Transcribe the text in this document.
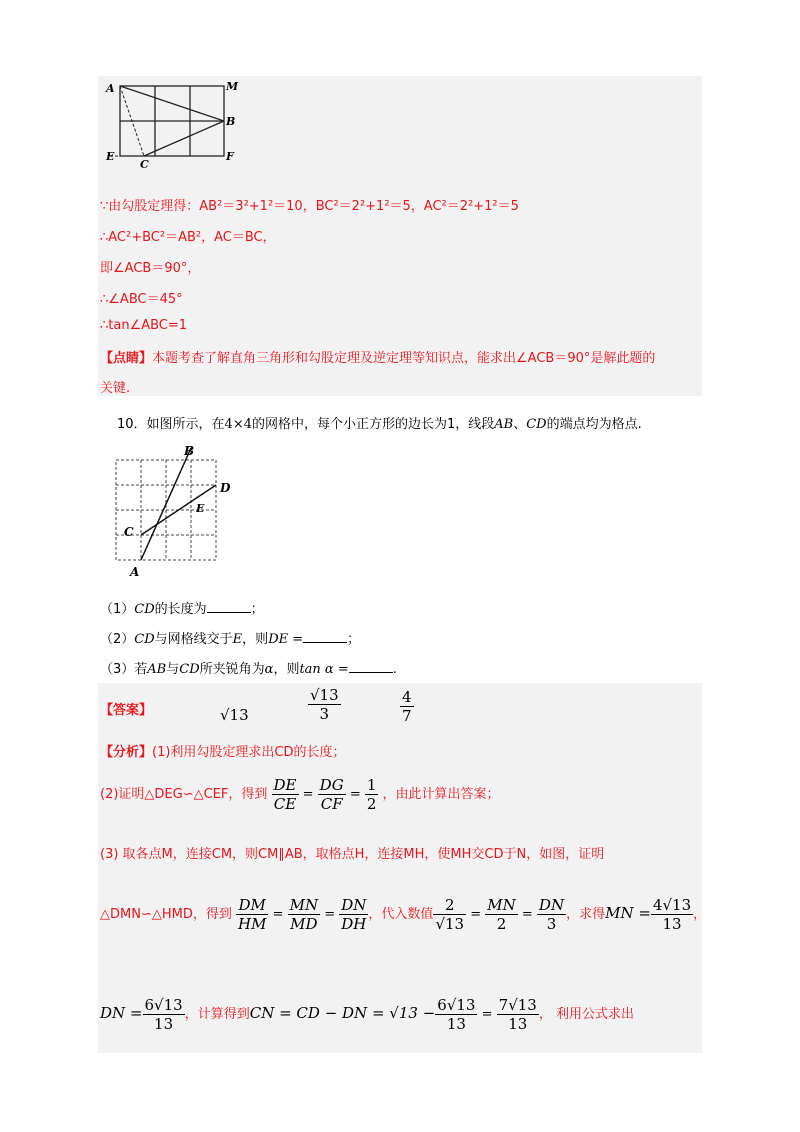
A	M
B
E
C
F
∵由勾股定理得：AB²＝3²+1²＝10，BC²＝2²+1²＝5，AC²＝2²+1²＝5
∴AC²+BC²＝AB²，AC＝BC，
即∠ACB＝90°，
∴∠ABC＝45°
∴tan∠ABC=1
【点睛】本题考查了解直角三角形和勾股定理及逆定理等知识点，能求出∠ACB＝90°是解此题的
关键.
10．如图所示，在4×4的网格中，每个小正方形的边长为1，线段AB、CD的端点均为格点.
B
D
E
C
A
（1）CD的长度为	；
（2）CD与网格线交于E，则DE =	；
（3）若AB与CD所夹锐角为α，则tan α =	.
【答案】	√13	$\frac{√13}{3}$	$\frac{4}{7}$
【分析】(1)利用勾股定理求出CD的长度；
(2)证明△DEG∽△CEF，得到 $\frac{DE}{CE} = \frac{DG}{CF} = \frac{1}{2}$ ，由此计算出答案；
(3) 取各点M，连接CM，则CM∥AB，取格点H，连接MH，使MH交CD于N，如图，证明
△DMN∽△HMD，得到 $\frac{DM}{HM} = \frac{MN}{MD} = \frac{DN}{DH}$ ，代入数值 $\frac{2}{√13} = \frac{MN}{2} = \frac{DN}{3}$ ，求得MN = $\frac{4√13}{13}$ ，
DN = $\frac{6√13}{13}$ ，计算得到CN = CD − DN = $√13 - \frac{6√13}{13} = \frac{7√13}{13}$ ， 利用公式求出
